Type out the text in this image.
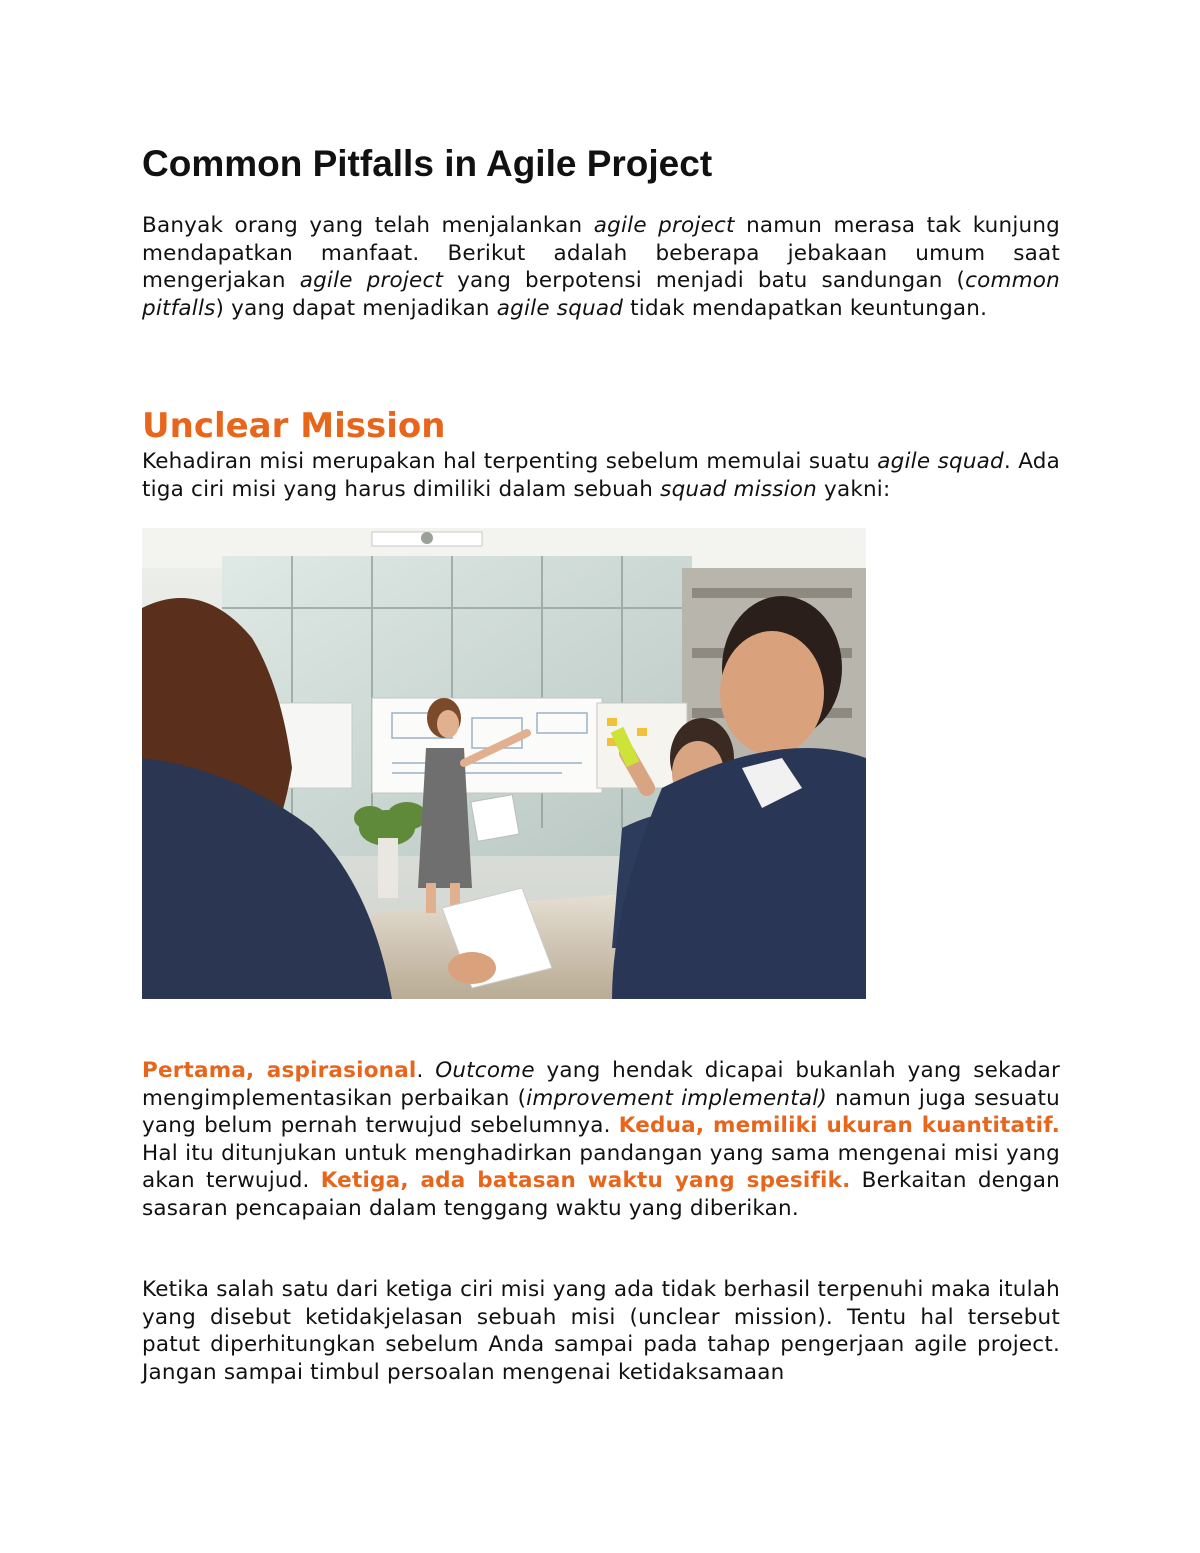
Common Pitfalls in Agile Project

Banyak orang yang telah menjalankan agile project namun merasa tak kunjung mendapatkan manfaat. Berikut adalah beberapa jebakaan umum saat mengerjakan agile project yang berpotensi menjadi batu sandungan (common pitfalls) yang dapat menjadikan agile squad tidak mendapatkan keuntungan.

Unclear Mission

Kehadiran misi merupakan hal terpenting sebelum memulai suatu agile squad. Ada tiga ciri misi yang harus dimiliki dalam sebuah squad mission yakni:

Pertama, aspirasional. Outcome yang hendak dicapai bukanlah yang sekadar mengimplementasikan perbaikan (improvement implemental) namun juga sesuatu yang belum pernah terwujud sebelumnya. Kedua, memiliki ukuran kuantitatif. Hal itu ditunjukan untuk menghadirkan pandangan yang sama mengenai misi yang akan terwujud. Ketiga, ada batasan waktu yang spesifik. Berkaitan dengan sasaran pencapaian dalam tenggang waktu yang diberikan.

Ketika salah satu dari ketiga ciri misi yang ada tidak berhasil terpenuhi maka itulah yang disebut ketidakjelasan sebuah misi (unclear mission). Tentu hal tersebut patut diperhitungkan sebelum Anda sampai pada tahap pengerjaan agile project. Jangan sampai timbul persoalan mengenai ketidaksamaan
